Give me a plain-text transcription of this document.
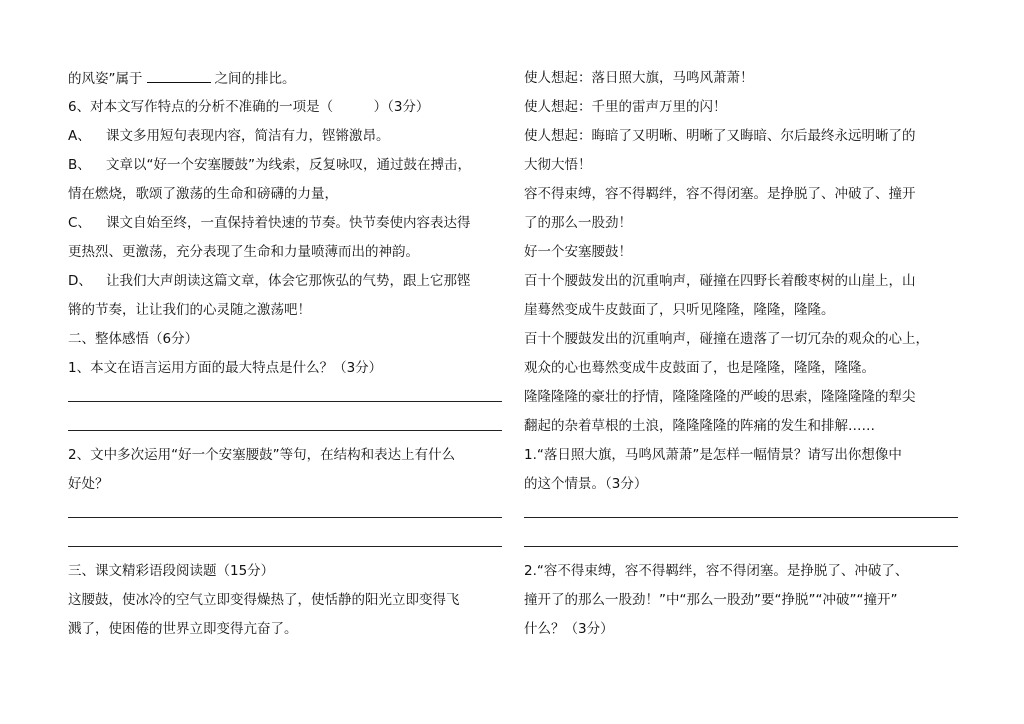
的风姿”属于	之间的排比。
6、对本文写作特点的分析不准确的一项是（　　　）（3分）
A、 课文多用短句表现内容，简洁有力，铿锵激昂。
B、 文章以“好一个安塞腰鼓”为线索，反复咏叹，通过鼓在搏击，
情在燃烧，歌颂了激荡的生命和磅礴的力量，
C、 课文自始至终，一直保持着快速的节奏。快节奏使内容表达得
更热烈、更激荡，充分表现了生命和力量喷薄而出的神韵。
D、 让我们大声朗读这篇文章，体会它那恢弘的气势，跟上它那铿
锵的节奏，让让我们的心灵随之激荡吧！
二、整体感悟（6分）
1、本文在语言运用方面的最大特点是什么？（3分）
2、文中多次运用“好一个安塞腰鼓”等句，在结构和表达上有什么
好处？
三、课文精彩语段阅读题（15分）
这腰鼓，使冰冷的空气立即变得燥热了，使恬静的阳光立即变得飞
溅了，使困倦的世界立即变得亢奋了。
使人想起：落日照大旗，马鸣风萧萧！
使人想起：千里的雷声万里的闪！
使人想起：晦暗了又明晰、明晰了又晦暗、尔后最终永远明晰了的
大彻大悟！
容不得束缚，容不得羁绊，容不得闭塞。是挣脱了、冲破了、撞开
了的那么一股劲！
好一个安塞腰鼓！
百十个腰鼓发出的沉重响声，碰撞在四野长着酸枣树的山崖上，山
崖蓦然变成牛皮鼓面了，只听见隆隆，隆隆，隆隆。
百十个腰鼓发出的沉重响声，碰撞在遗落了一切冗杂的观众的心上，
观众的心也蓦然变成牛皮鼓面了，也是隆隆，隆隆，隆隆。
隆隆隆隆的豪壮的抒情，隆隆隆隆的严峻的思索，隆隆隆隆的犁尖
翻起的杂着草根的土浪，隆隆隆隆的阵痛的发生和排解……
1.“落日照大旗，马鸣风萧萧”是怎样一幅情景？请写出你想像中
的这个情景。（3分）
2.“容不得束缚，容不得羁绊，容不得闭塞。是挣脱了、冲破了、
撞开了的那么一股劲！”中“那么一股劲”要“挣脱”“冲破”“撞开”
什么？（3分）
